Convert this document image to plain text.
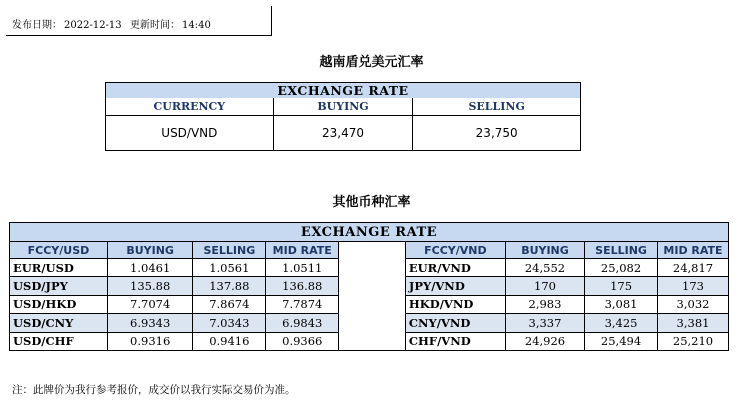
发布日期： 2022-12-13 更新时间： 14:40
越南盾兑美元汇率
EXCHANGE RATE		
CURRENCY	BUYING	SELLING
USD/VND	23,470	23,750
其他币种汇率
EXCHANGE RATE								
FCCY/USD	BUYING	SELLING	MID RATE		FCCY/VND	BUYING	SELLING	MID RATE
EUR/USD	1.0461	1.0561	1.0511		EUR/VND	24,552	25,082	24,817
USD/JPY	135.88	137.88	136.88		JPY/VND	170	175	173
USD/HKD	7.7074	7.8674	7.7874		HKD/VND	2,983	3,081	3,032
USD/CNY	6.9343	7.0343	6.9843		CNY/VND	3,337	3,425	3,381
USD/CHF	0.9316	0.9416	0.9366		CHF/VND	24,926	25,494	25,210
注：此牌价为我行参考报价，成交价以我行实际交易价为准。
